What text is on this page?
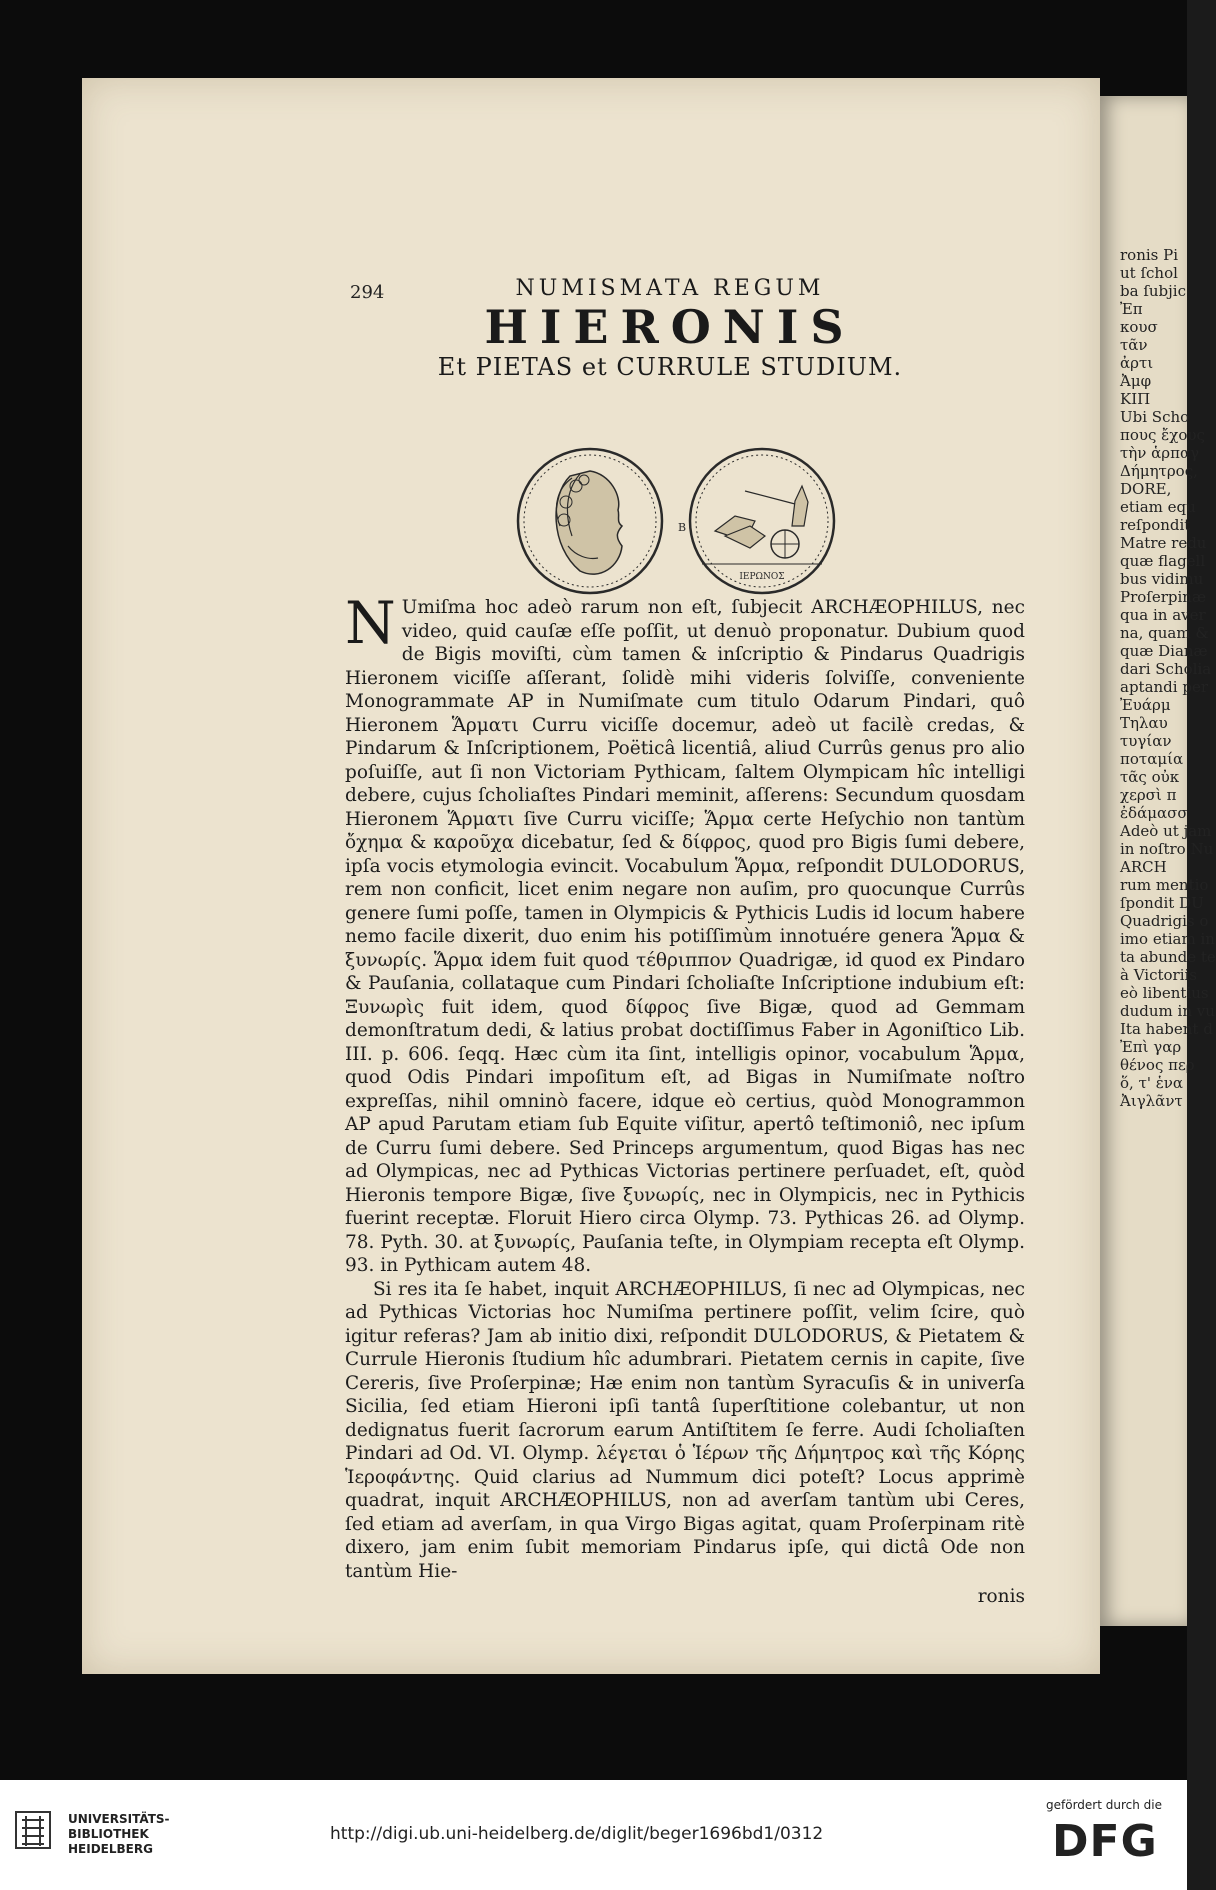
294	NUMISMATA REGUM
HIERONIS
Et PIETAS et CURRULE STUDIUM.
B
ΙΕΡΩΝΟΣ

N Umiſma hoc adeò rarum non eſt, ſubjecit ARCHÆOPHILUS, nec video, quid cauſæ eſſe poſſit, ut denuò proponatur. Dubium quod de Bigis moviſti, cùm tamen & inſcriptio & Pindarus Quadrigis Hieronem viciſſe aſſerant, ſolidè mihi videris ſolviſſe, conveniente Monogrammate AP in Numiſmate cum titulo Odarum Pindari, quô Hieronem Ἅρματι Curru viciſſe docemur, adeò ut facilè credas, & Pindarum & Inſcriptionem, Poëticâ licentiâ, aliud Currûs genus pro alio poſuiſſe, aut ſi non Victoriam Pythicam, ſaltem Olympicam hîc intelligi debere, cujus ſcholiaſtes Pindari meminit, aſſerens: Secundum quosdam Hieronem Ἅρματι ſive Curru viciſſe; Ἅρμα certe Heſychio non tantùm ὄχημα & καροῦχα dicebatur, ſed & δίφρος, quod pro Bigis ſumi debere, ipſa vocis etymologia evincit. Vocabulum Ἅρμα, reſpondit DULODORUS, rem non conficit, licet enim negare non auſim, pro quocunque Currûs genere ſumi poſſe, tamen in Olympicis & Pythicis Ludis id locum habere nemo facile dixerit, duo enim his potiſſimùm innotuére genera Ἅρμα & ξυνωρίς. Ἅρμα idem fuit quod τέθριππον Quadrigæ, id quod ex Pindaro & Pauſania, collataque cum Pindari ſcholiaſte Inſcriptione indubium eſt: Ξυνωρὶς fuit idem, quod δίφρος ſive Bigæ, quod ad Gemmam demonſtratum dedi, & latius probat doctiſſimus Faber in Agoniſtico Lib. III. p. 606. ſeqq. Hæc cùm ita ſint, intelligis opinor, vocabulum Ἅρμα, quod Odis Pindari impoſitum eſt, ad Bigas in Numiſmate noſtro expreſſas, nihil omninò facere, idque eò certius, quòd Monogrammon AP apud Parutam etiam ſub Equite viſitur, apertô teſtimoniô, nec ipſum de Curru ſumi debere. Sed Princeps argumentum, quod Bigas has nec ad Olympicas, nec ad Pythicas Victorias pertinere perſuadet, eſt, quòd Hieronis tempore Bigæ, ſive ξυνωρίς, nec in Olympicis, nec in Pythicis fuerint receptæ. Floruit Hiero circa Olymp. 73. Pythicas 26. ad Olymp. 78. Pyth. 30. at ξυνωρίς, Pauſania teſte, in Olympiam recepta eſt Olymp. 93. in Pythicam autem 48.

Si res ita ſe habet, inquit ARCHÆOPHILUS, ſi nec ad Olympicas, nec ad Pythicas Victorias hoc Numiſma pertinere poſſit, velim ſcire, quò igitur referas? Jam ab initio dixi, reſpondit DULODORUS, & Pietatem & Currule Hieronis ſtudium hîc adumbrari. Pietatem cernis in capite, ſive Cereris, ſive Proſerpinæ; Hæ enim non tantùm Syracuſis & in univerſa Sicilia, ſed etiam Hieroni ipſi tantâ ſuperſtitione colebantur, ut non dedignatus fuerit ſacrorum earum Antiſtitem ſe ferre. Audi ſcholiaſten Pindari ad Od. VI. Olymp. λέγεται ὁ Ἱέρων τῆς Δήμητρος καὶ τῆς Κόρης Ἱεροφάντης. Quid clarius ad Nummum dici poteſt? Locus apprimè quadrat, inquit ARCHÆOPHILUS, non ad averſam tantùm ubi Ceres, ſed etiam ad averſam, in qua Virgo Bigas agitat, quam Proſerpinam ritè dixero, jam enim ſubit memoriam Pindarus ipſe, qui dictâ Ode non tantùm Hie-

ronis
ronis Pi
ut ſchol
ba ſubjic
Ἐπ
κουσ
τᾶν
ἀρτι
Ἀμφ
ΚΙΠ
Ubi Scho
πους ἔχους
τὴν ἁρπαγ
Δήμητρος,
DORE,
etiam equ
reſpondit
Matre redu
quæ flagell
bus vidimu
Proſerpinæ
qua in aver
na, quam &
quæ Dianæ
dari Scholia
aptandi per
Ἐυάρμ
Τηλαυ
τυγίαν
ποταμία
τᾶς οὐκ
χερσὶ π
ἐδάμασσ
Adeò ut jam
in noſtro Nu
ARCH
rum mentio
ſpondit DU
Quadrigis o
imo etiam in
ta abunde te
à Victoriis
eò libentius
dudum in vu
Ita habent d
Ἐπὶ γαρ
θένος περ
ὅ, τ' ἑνα
Ἀιγλᾶντ
UNIVERSITÄTS-
BIBLIOTHEK
HEIDELBERG
http://digi.ub.uni-heidelberg.de/diglit/beger1696bd1/0312
gefördert durch die
DFG
